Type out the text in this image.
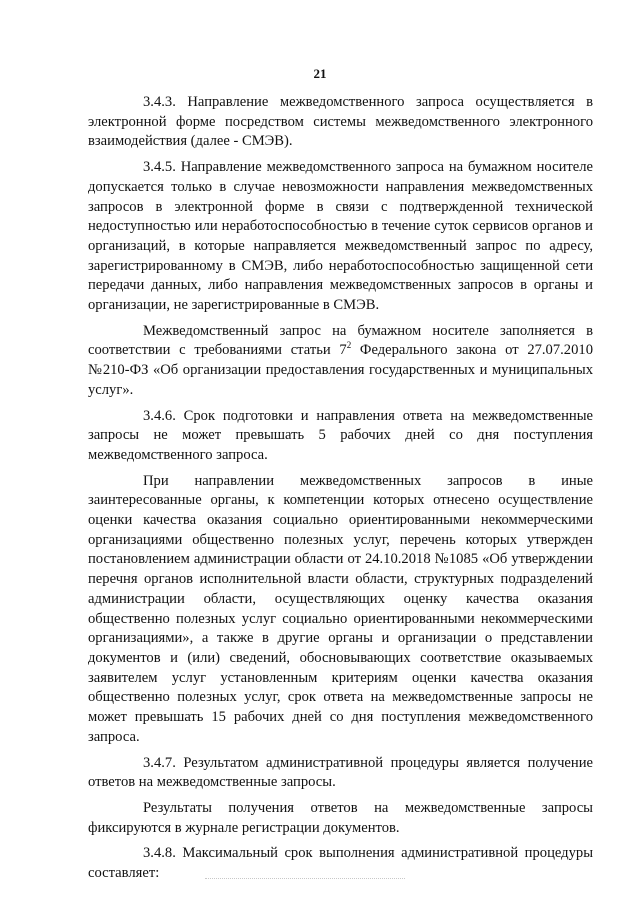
21

3.4.3. Направление межведомственного запроса осуществляется в электронной форме посредством системы межведомственного электронного взаимодействия (далее - СМЭВ).

3.4.5. Направление межведомственного запроса на бумажном носителе допускается только в случае невозможности направления межведомственных запросов в электронной форме в связи с подтвержденной технической недоступностью или неработоспособностью в течение суток сервисов органов и организаций, в которые направляется межведомственный запрос по адресу, зарегистрированному в СМЭВ, либо неработоспособностью защищенной сети передачи данных, либо направления межведомственных запросов в органы и организации, не зарегистрированные в СМЭВ.

Межведомственный запрос на бумажном носителе заполняется в соответствии с требованиями статьи $7^2$ Федерального закона от 27.07.2010 №210-ФЗ «Об организации предоставления государственных и муниципальных услуг».

3.4.6. Срок подготовки и направления ответа на межведомственные запросы не может превышать 5 рабочих дней со дня поступления межведомственного запроса.

При направлении межведомственных запросов в иные заинтересованные органы, к компетенции которых отнесено осуществление оценки качества оказания социально ориентированными некоммерческими организациями общественно полезных услуг, перечень которых утвержден постановлением администрации области от 24.10.2018 №1085 «Об утверждении перечня органов исполнительной власти области, структурных подразделений администрации области, осуществляющих оценку качества оказания общественно полезных услуг социально ориентированными некоммерческими организациями», а также в другие органы и организации о представлении документов и (или) сведений, обосновывающих соответствие оказываемых заявителем услуг установленным критериям оценки качества оказания общественно полезных услуг, срок ответа на межведомственные запросы не может превышать 15 рабочих дней со дня поступления межведомственного запроса.

3.4.7. Результатом административной процедуры является получение ответов на межведомственные запросы.

Результаты получения ответов на межведомственные запросы фиксируются в журнале регистрации документов.

3.4.8. Максимальный срок выполнения административной процедуры составляет:
